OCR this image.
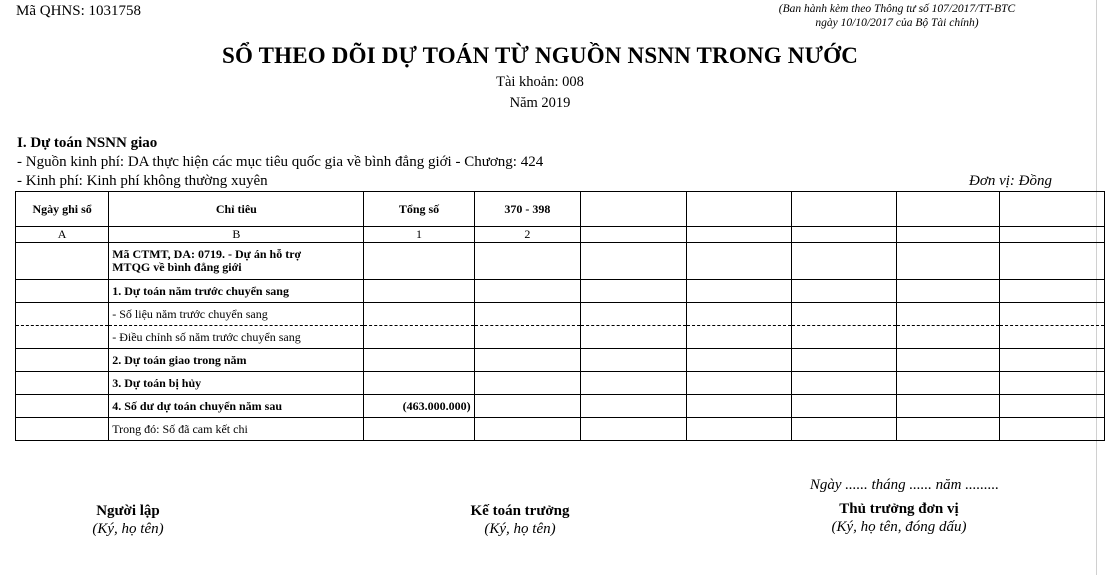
Mã QHNS: 1031758	(Ban hành kèm theo Thông tư số 107/2017/TT-BTC
ngày 10/10/2017 của Bộ Tài chính)
SỔ THEO DÕI DỰ TOÁN TỪ NGUỒN NSNN TRONG NƯỚC
Tài khoản: 008
Năm 2019
I. Dự toán NSNN giao
- Nguồn kinh phí: DA thực hiện các mục tiêu quốc gia về bình đẳng giới - Chương: 424
- Kinh phí: Kinh phí không thường xuyên	Đơn vị: Đồng
Ngày ghi sổ	Chỉ tiêu	Tổng số	370 - 398					
A	B	1	2					

	Mã CTMT, DA: 0719. - Dự án hỗ trợ
MTQG về bình đẳng giới							

	1. Dự toán năm trước chuyển sang							
	- Số liệu năm trước chuyển sang							
	- Điều chỉnh số năm trước chuyển sang							
	2. Dự toán giao trong năm							
	3. Dự toán bị hủy							
	4. Số dư dự toán chuyển năm sau	(463.000.000)						
	Trong đó: Số đã cam kết chi							
Ngày ...... tháng ...... năm .........
Người lập
(Ký, họ tên)
Kế toán trưởng
(Ký, họ tên)
Thủ trưởng đơn vị
(Ký, họ tên, đóng dấu)
